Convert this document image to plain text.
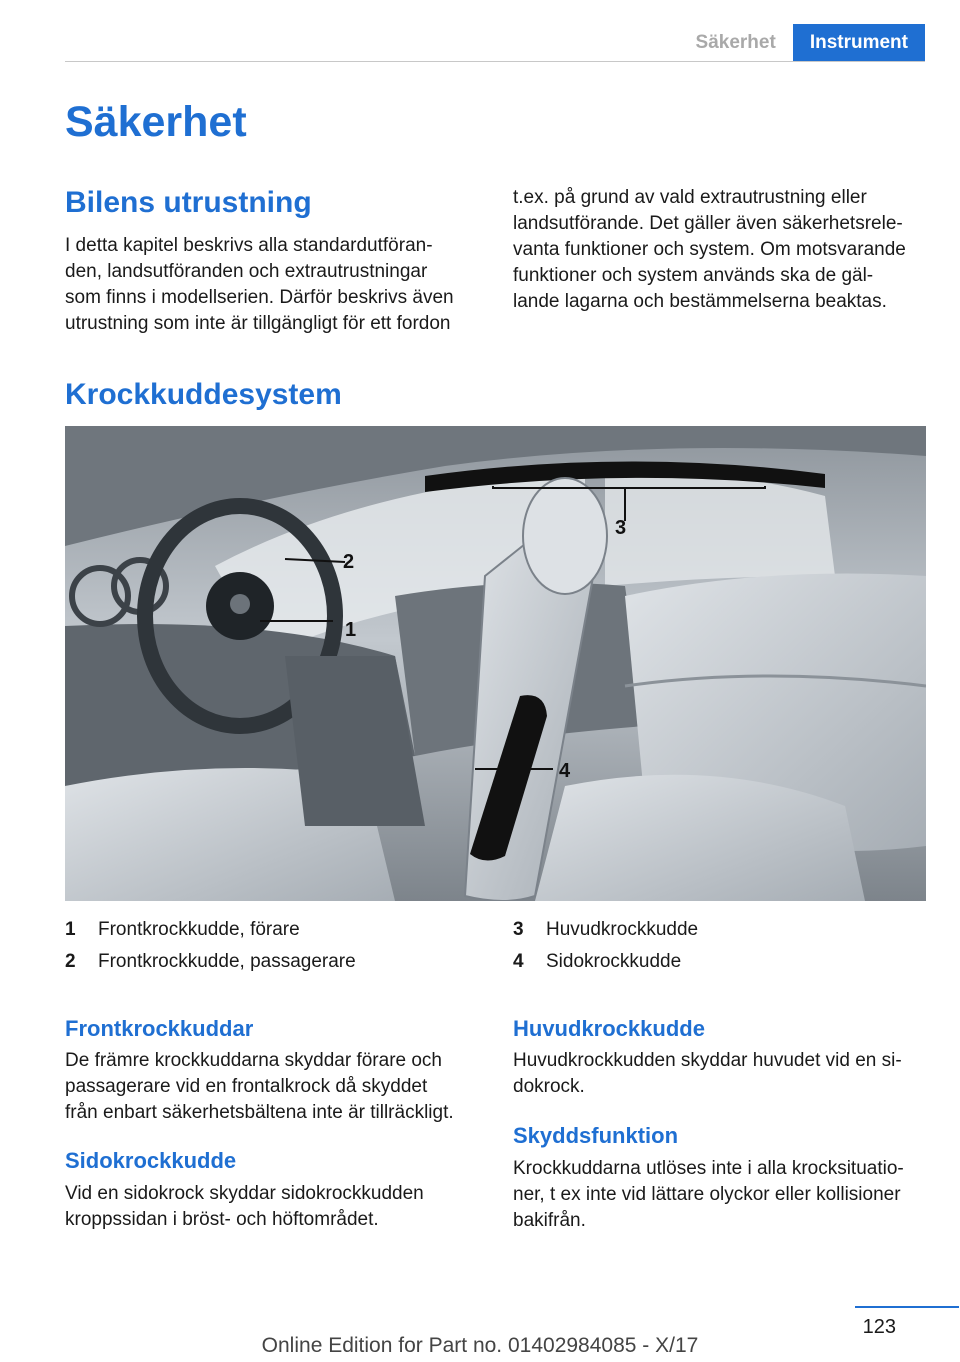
Säkerhet	Instrument
Säkerhet
Bilens utrustning
I detta kapitel beskrivs alla standardutföran‐
den, landsutföranden och extrautrustningar
som finns i modellserien. Därför beskrivs även
utrustning som inte är tillgängligt för ett fordon
t.ex. på grund av vald extrautrustning eller
landsutförande. Det gäller även säkerhetsrele‐
vanta funktioner och system. Om motsvarande
funktioner och system används ska de gäl‐
lande lagarna och bestämmelserna beaktas.
Krockkuddesystem
1
2
3
4
1	Frontkrockkudde, förare
2	Frontkrockkudde, passagerare
3	Huvudkrockkudde
4	Sidokrockkudde
Frontkrockkuddar
De främre krockkuddarna skyddar förare och
passagerare vid en frontalkrock då skyddet
från enbart säkerhetsbältena inte är tillräckligt.
Sidokrockkudde
Vid en sidokrock skyddar sidokrockkudden
kroppssidan i bröst- och höftområdet.
Huvudkrockkudde
Huvudkrockkudden skyddar huvudet vid en si‐
dokrock.
Skyddsfunktion
Krockkuddarna utlöses inte i alla krocksituatio‐
ner, t ex inte vid lättare olyckor eller kollisioner
bakifrån.
123
Online Edition for Part no. 01402984085 - X/17
